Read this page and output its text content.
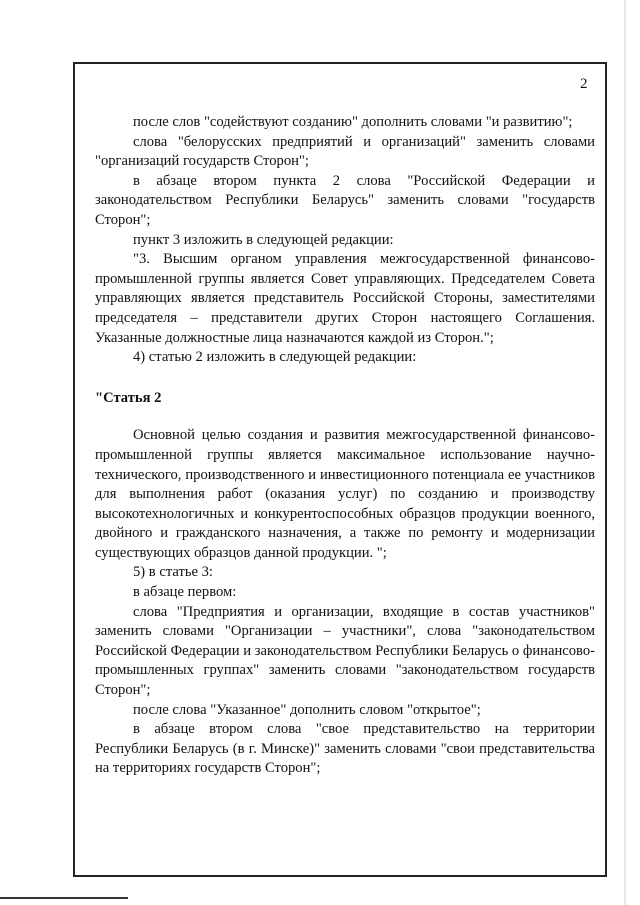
2

после слов "содействуют созданию" дополнить словами "и развитию";

слова "белорусских предприятий и организаций" заменить словами "организаций государств Сторон";

в абзаце втором пункта 2 слова "Российской Федерации и законодательством Республики Беларусь" заменить словами "государств Сторон";

пункт 3 изложить в следующей редакции:

"3. Высшим органом управления межгосударственной финансово-промышленной группы является Совет управляющих. Председателем Совета управляющих является представитель Российской Стороны, заместителями председателя – представители других Сторон настоящего Соглашения. Указанные должностные лица назначаются каждой из Сторон.";

4) статью 2 изложить в следующей редакции:

"Статья 2

Основной целью создания и развития межгосударственной финансово-промышленной группы является максимальное использование научно-технического, производственного и инвестиционного потенциала ее участников для выполнения работ (оказания услуг) по созданию и производству высокотехнологичных и конкурентоспособных образцов продукции военного, двойного и гражданского назначения, а также по ремонту и модернизации существующих образцов данной продукции. ";

5) в статье 3:

в абзаце первом:

слова "Предприятия и организации, входящие в состав участников" заменить словами "Организации – участники", слова "законодательством Российской Федерации и законодательством Республики Беларусь о финансово-промышленных группах" заменить словами "законодательством государств Сторон";

после слова "Указанное" дополнить словом "открытое";

в абзаце втором слова "свое представительство на территории Республики Беларусь (в г. Минске)" заменить словами "свои представительства на территориях государств Сторон";
